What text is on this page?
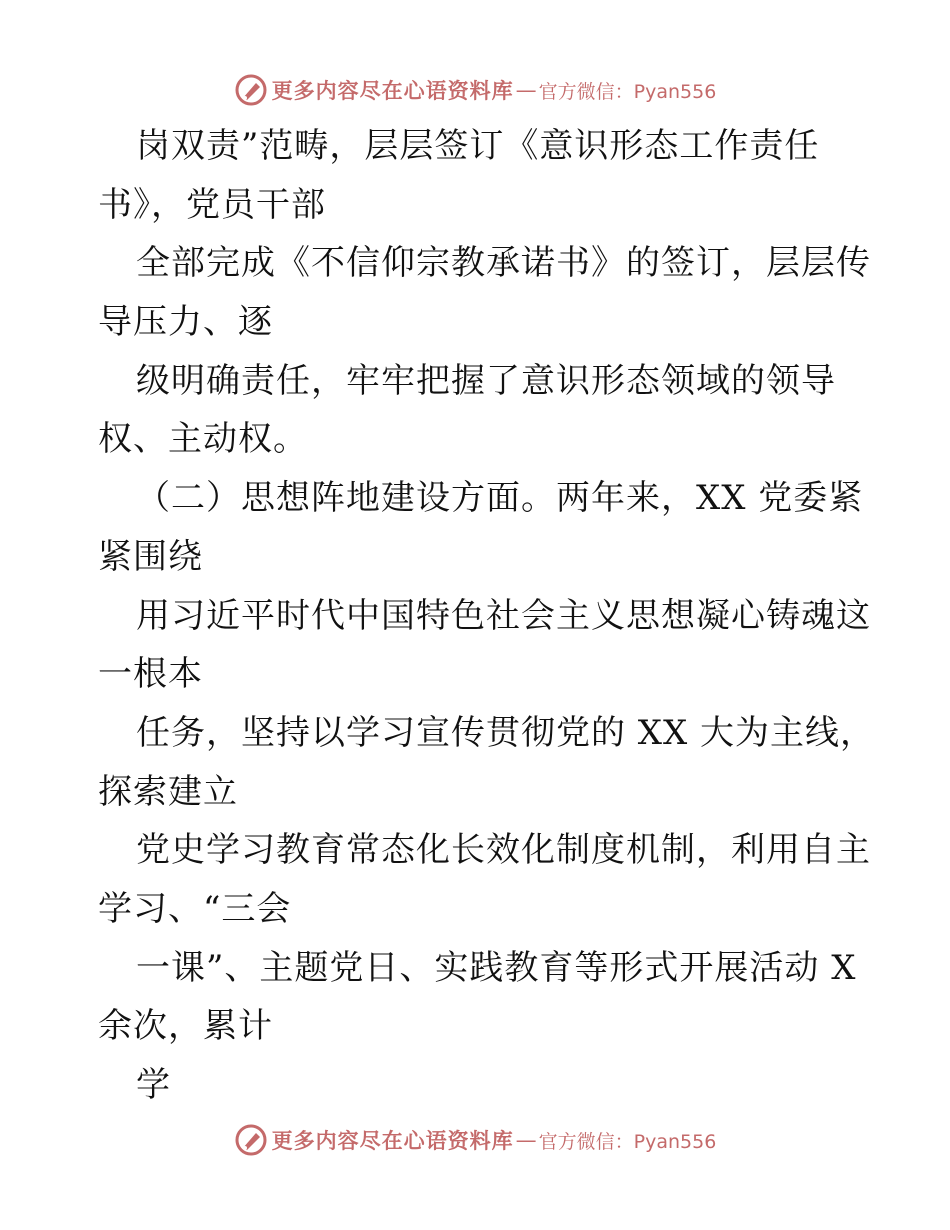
更多内容尽在心语资料库 — 官方微信：Pyan556
岗双责”范畴，层层签订《意识形态工作责任
书》，党员干部
全部完成《不信仰宗教承诺书》的签订，层层传
导压力、逐
级明确责任，牢牢把握了意识形态领域的领导
权、主动权。
（二）思想阵地建设方面。两年来，XX 党委紧
紧围绕
用习近平时代中国特色社会主义思想凝心铸魂这
一根本
任务，坚持以学习宣传贯彻党的 XX 大为主线，
探索建立
党史学习教育常态化长效化制度机制，利用自主
学习、“三会
一课”、主题党日、实践教育等形式开展活动 X
余次，累计
学
更多内容尽在心语资料库 — 官方微信：Pyan556
